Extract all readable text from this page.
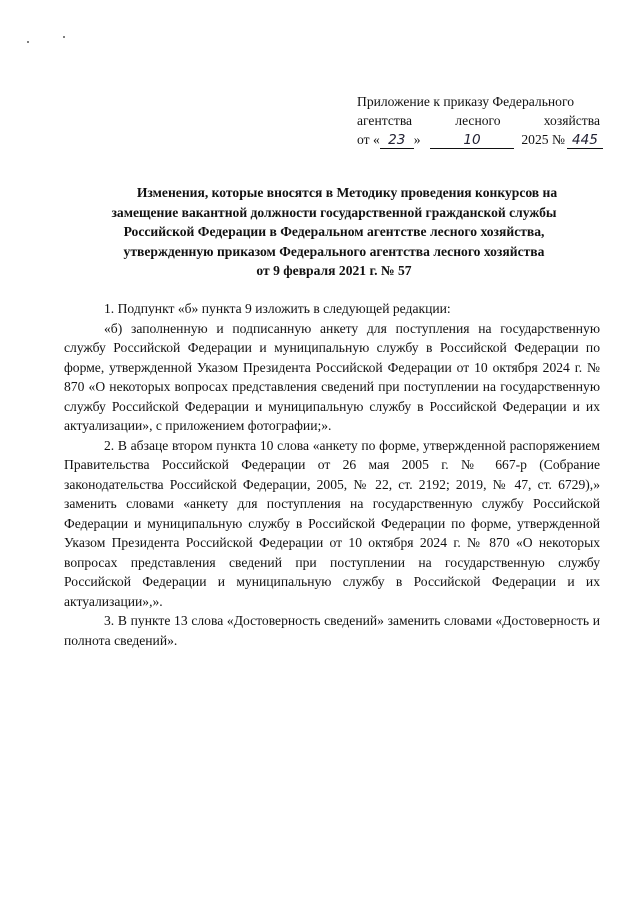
Приложение к приказу Федерального
агентства	лесного	хозяйства
от « 23 »	10	2025 № 445
Изменения, которые вносятся в Методику проведения конкурсов на
замещение вакантной должности государственной гражданской службы
Российской Федерации в Федеральном агентстве лесного хозяйства,
утвержденную приказом Федерального агентства лесного хозяйства
от 9 февраля 2021 г. № 57

1. Подпункт «б» пункта 9 изложить в следующей редакции:

«б) заполненную и подписанную анкету для поступления на государственную службу Российской Федерации и муниципальную службу в Российской Федерации по форме, утвержденной Указом Президента Российской Федерации от 10 октября 2024 г. № 870 «О некоторых вопросах представления сведений при поступлении на государственную службу Российской Федерации и муниципальную службу в Российской Федерации и их актуализации», с приложением фотографии;».

2. В абзаце втором пункта 10 слова «анкету по форме, утвержденной распоряжением Правительства Российской Федерации от 26 мая 2005 г. № 667-р (Собрание законодательства Российской Федерации, 2005, № 22, ст. 2192; 2019, № 47, ст. 6729),» заменить словами «анкету для поступления на государственную службу Российской Федерации и муниципальную службу в Российской Федерации по форме, утвержденной Указом Президента Российской Федерации от 10 октября 2024 г. № 870 «О некоторых вопросах представления сведений при поступлении на государственную службу Российской Федерации и муниципальную службу в Российской Федерации и их актуализации»,».

3. В пункте 13 слова «Достоверность сведений» заменить словами «Достоверность и полнота сведений».
